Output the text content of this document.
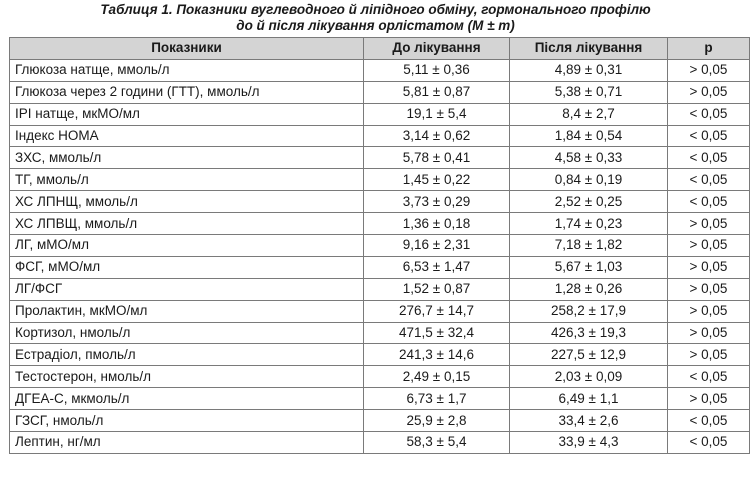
Таблиця 1. Показники вуглеводного й ліпідного обміну, гормонального профілю
до й після лікування орлістатом (M ± m)
Показники	До лікування	Після лікування	p
Глюкоза натще, ммоль/л	5,11 ± 0,36	4,89 ± 0,31	> 0,05
Глюкоза через 2 години (ГТТ), ммоль/л	5,81 ± 0,87	5,38 ± 0,71	> 0,05
ІРІ натще, мкМО/мл	19,1 ± 5,4	8,4 ± 2,7	< 0,05
Індекс HOMA	3,14 ± 0,62	1,84 ± 0,54	< 0,05
ЗХС, ммоль/л	5,78 ± 0,41	4,58 ± 0,33	< 0,05
ТГ, ммоль/л	1,45 ± 0,22	0,84 ± 0,19	< 0,05
ХС ЛПНЩ, ммоль/л	3,73 ± 0,29	2,52 ± 0,25	< 0,05
ХС ЛПВЩ, ммоль/л	1,36 ± 0,18	1,74 ± 0,23	> 0,05
ЛГ, мМО/мл	9,16 ± 2,31	7,18 ± 1,82	> 0,05
ФСГ, мМО/мл	6,53 ± 1,47	5,67 ± 1,03	> 0,05
ЛГ/ФСГ	1,52 ± 0,87	1,28 ± 0,26	> 0,05
Пролактин, мкМО/мл	276,7 ± 14,7	258,2 ± 17,9	> 0,05
Кортизол, нмоль/л	471,5 ± 32,4	426,3 ± 19,3	> 0,05
Естрадіол, пмоль/л	241,3 ± 14,6	227,5 ± 12,9	> 0,05
Тестостерон, нмоль/л	2,49 ± 0,15	2,03 ± 0,09	< 0,05
ДГЕА-С, мкмоль/л	6,73 ± 1,7	6,49 ± 1,1	> 0,05
ГЗСГ, нмоль/л	25,9 ± 2,8	33,4 ± 2,6	< 0,05
Лептин, нг/мл	58,3 ± 5,4	33,9 ± 4,3	< 0,05
